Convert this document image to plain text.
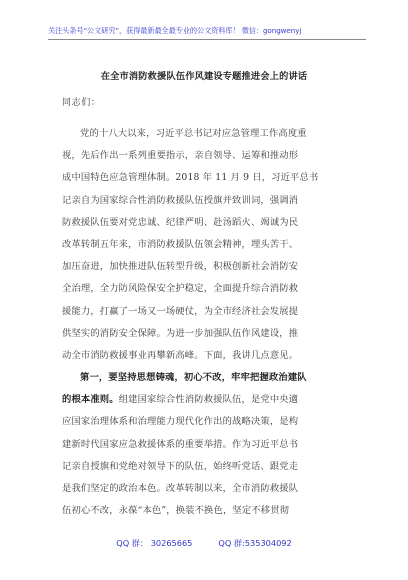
关注头条号“公文研究”，获得最新最全最专业的公文资料库！ 微信：gongwenyj
在全市消防救援队伍作风建设专题推进会上的讲话
同志们：
党的十八大以来，习近平总书记对应急管理工作高度重
视，先后作出一系列重要指示，亲自领导、运筹和推动形
成中国特色应急管理体制。2018 年 11 月 9 日，习近平总书
记亲自为国家综合性消防救援队伍授旗并致训词，强调消
防救援队伍要对党忠诚、纪律严明、赴汤蹈火、竭诚为民
改革转制五年来，市消防救援队伍领会精神，埋头苦干、
加压奋进，加快推进队伍转型升级，积极创新社会消防安
全治理，全力防风险保安全护稳定，全面提升综合消防救
援能力，打赢了一场又一场硬仗，为全市经济社会发展提
供坚实的消防安全保障。为进一步加强队伍作风建设，推
动全市消防救援事业再攀新高峰。下面，我讲几点意见。
第一，要坚持思想铸魂，初心不改，牢牢把握政治建队
的根本准则。组建国家综合性消防救援队伍，是党中央適
应国家治理体系和治理能力现代化作出的战略决策，是构
建新时代国家应急救援体系的重要举措。作为习近平总书
记亲自授旗和党绝对领导下的队伍，始终听党话、跟党走
是我们坚定的政治本色。改革转制以来，全市消防救援队
伍初心不改，永葆“本色”，换装不换色，坚定不移贯彻
QQ 群： 30265665	QQ 群:535304092
